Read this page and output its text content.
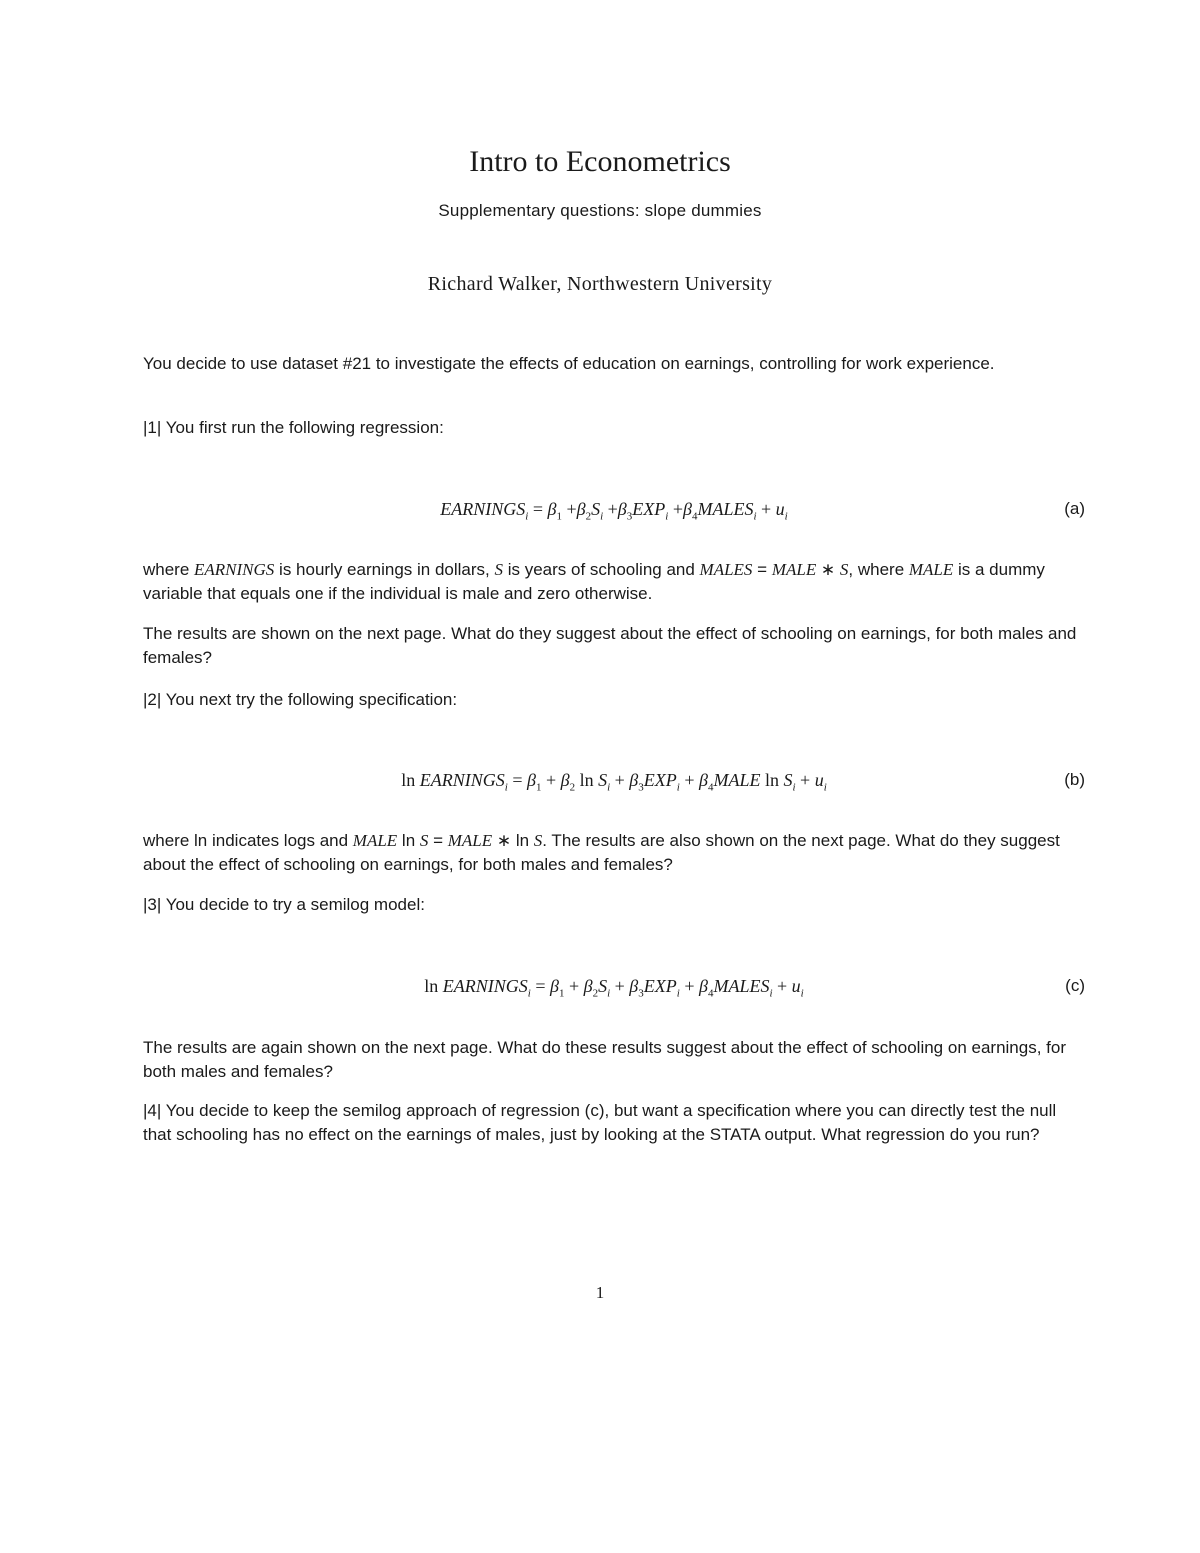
Intro to Econometrics
Supplementary questions: slope dummies
Richard Walker, Northwestern University

You decide to use dataset #21 to investigate the effects of education on earnings, controlling for work experience.

|1| You first run the following regression:

$EARNINGS_i = \beta_1 +\beta_2S_i +\beta_3EXP_i$ $+\beta_4MALES_i + u_i$	(a)

where EARNINGS is hourly earnings in dollars, S is years of schooling and MALES = MALE ∗ S, where MALE is a dummy variable that equals one if the individual is male and zero otherwise.

The results are shown on the next page. What do they suggest about the effect of schooling on earnings, for both males and females?

|2| You next try the following specification:

$\ln EARNINGS_i = \beta_1 + \beta_2$ $\ln S_i + \beta_3EXP_i$ + $\beta_4MALE$ $\ln S_i + u_i$	(b)

where ln indicates logs and MALE ln S = MALE ∗ ln S. The results are also shown on the next page. What do they suggest about the effect of schooling on earnings, for both males and females?

|3| You decide to try a semilog model:

$\ln EARNINGS_i = \beta_1 + \beta_2S_i + \beta_3EXP_i$ + $\beta_4MALES_i + u_i$	(c)

The results are again shown on the next page. What do these results suggest about the effect of schooling on earnings, for both males and females?

|4| You decide to keep the semilog approach of regression (c), but want a specification where you can directly test the null that schooling has no effect on the earnings of males, just by looking at the STATA output. What regression do you run?

1
